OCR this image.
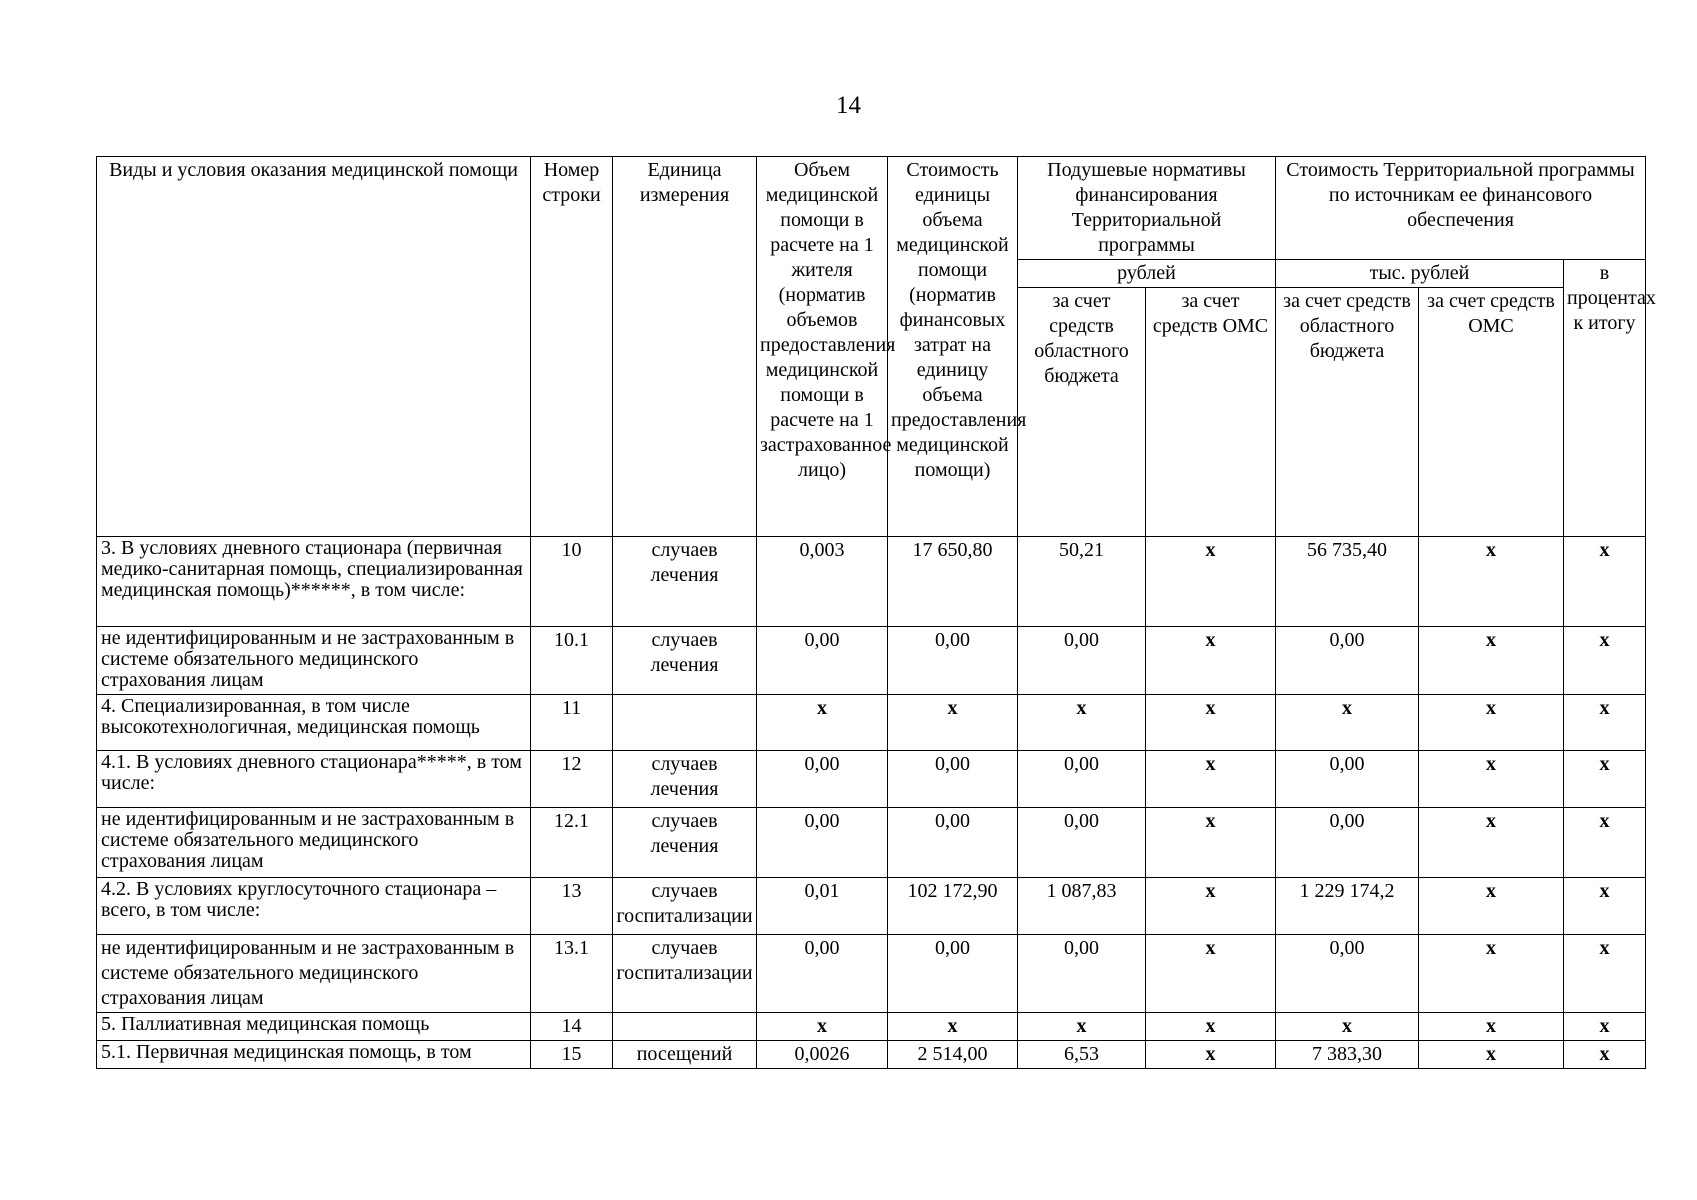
14
Виды и условия оказания медицинской помощи	Номер строки	Единица измерения	Объем медицинской помощи в расчете на 1 жителя (норматив объемов предоставления медицинской помощи в расчете на 1 застрахованное лицо)	Стоимость единицы объема медицинской помощи (норматив финансовых затрат на единицу объема предоставления медицинской помощи)	Подушевые нормативы финансирования Территориальной программы		Стоимость Территориальной программы по источникам ее финансового обеспечения		
					рублей		тыс. рублей		в процентах к итогу
					за счет средств областного бюджета	за счет средств ОМС	за счет средств областного бюджета	за счет средств ОМС	

3. В условиях дневного стационара (первичная медико-санитарная помощь, специализированная медицинская помощь)******, в том числе:	10	случаев лечения	0,003	17 650,80	50,21	х	56 735,40	х	х
не идентифицированным и не застрахованным в системе обязательного медицинского страхования лицам	10.1	случаев лечения	0,00	0,00	0,00	х	0,00	х	х
4. Специализированная, в том числе высокотехнологичная, медицинская помощь	11		х	х	х	х	х	х	х
4.1. В условиях дневного стационара*****, в том числе:	12	случаев лечения	0,00	0,00	0,00	х	0,00	х	х
не идентифицированным и не застрахованным в системе обязательного медицинского страхования лицам	12.1	случаев лечения	0,00	0,00	0,00	х	0,00	х	х
4.2. В условиях круглосуточного стационара – всего, в том числе:	13	случаев госпитализации	0,01	102 172,90	1 087,83	х	1 229 174,2	х	х
не идентифицированным и не застрахованным в системе обязательного медицинского страхования лицам	13.1	случаев госпитализации	0,00	0,00	0,00	х	0,00	х	х
5. Паллиативная медицинская помощь	14		х	х	х	х	х	х	х
5.1. Первичная медицинская помощь, в том	15	посещений	0,0026	2 514,00	6,53	х	7 383,30	х	х
